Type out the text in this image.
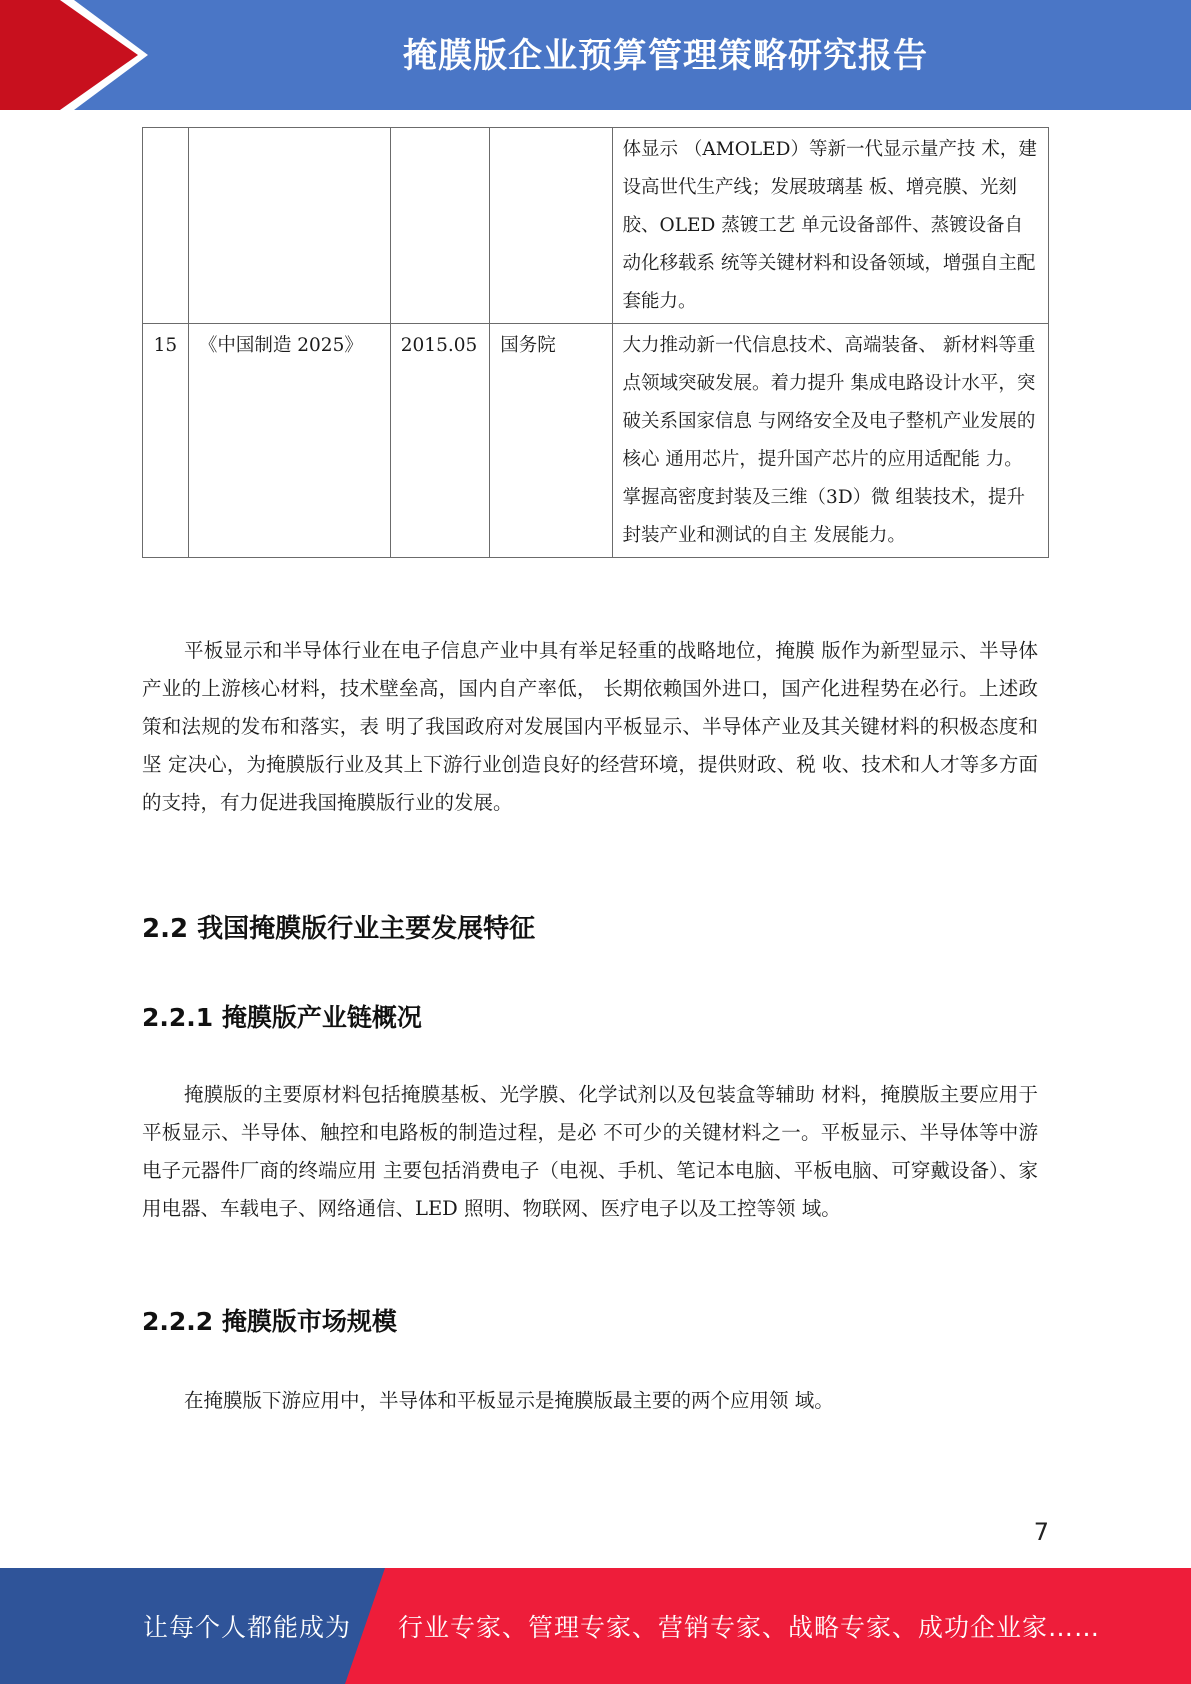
掩膜版企业预算管理策略研究报告

				体显示 （AMOLED）等新一代显示量产技 术，建设高世代生产线；发展玻璃基 板、增亮膜、光刻胶、OLED 蒸镀工艺 单元设备部件、蒸镀设备自动化移载系 统等关键材料和设备领域，增强自主配 套能力。

15	《中国制造 2025》	2015.05	国务院	大力推动新一代信息技术、高端装备、 新材料等重点领域突破发展。着力提升 集成电路设计水平，突破关系国家信息 与网络安全及电子整机产业发展的核心 通用芯片，提升国产芯片的应用适配能 力。掌握高密度封装及三维（3D）微 组装技术，提升封装产业和测试的自主 发展能力。

平板显示和半导体行业在电子信息产业中具有举足轻重的战略地位，掩膜 版作为新型显示、半导体产业的上游核心材料，技术壁垒高，国内自产率低， 长期依赖国外进口，国产化进程势在必行。上述政策和法规的发布和落实，表 明了我国政府对发展国内平板显示、半导体产业及其关键材料的积极态度和坚 定决心，为掩膜版行业及其上下游行业创造良好的经营环境，提供财政、税 收、技术和人才等多方面的支持，有力促进我国掩膜版行业的发展。

2.2 我国掩膜版行业主要发展特征
2.2.1 掩膜版产业链概况

掩膜版的主要原材料包括掩膜基板、光学膜、化学试剂以及包装盒等辅助 材料，掩膜版主要应用于平板显示、半导体、触控和电路板的制造过程，是必 不可少的关键材料之一。平板显示、半导体等中游电子元器件厂商的终端应用 主要包括消费电子（电视、手机、笔记本电脑、平板电脑、可穿戴设备）、家 用电器、车载电子、网络通信、LED 照明、物联网、医疗电子以及工控等领 域。

2.2.2 掩膜版市场规模

在掩膜版下游应用中，半导体和平板显示是掩膜版最主要的两个应用领 域。

7
让每个人都能成为 行业专家、管理专家、营销专家、战略专家、成功企业家……
